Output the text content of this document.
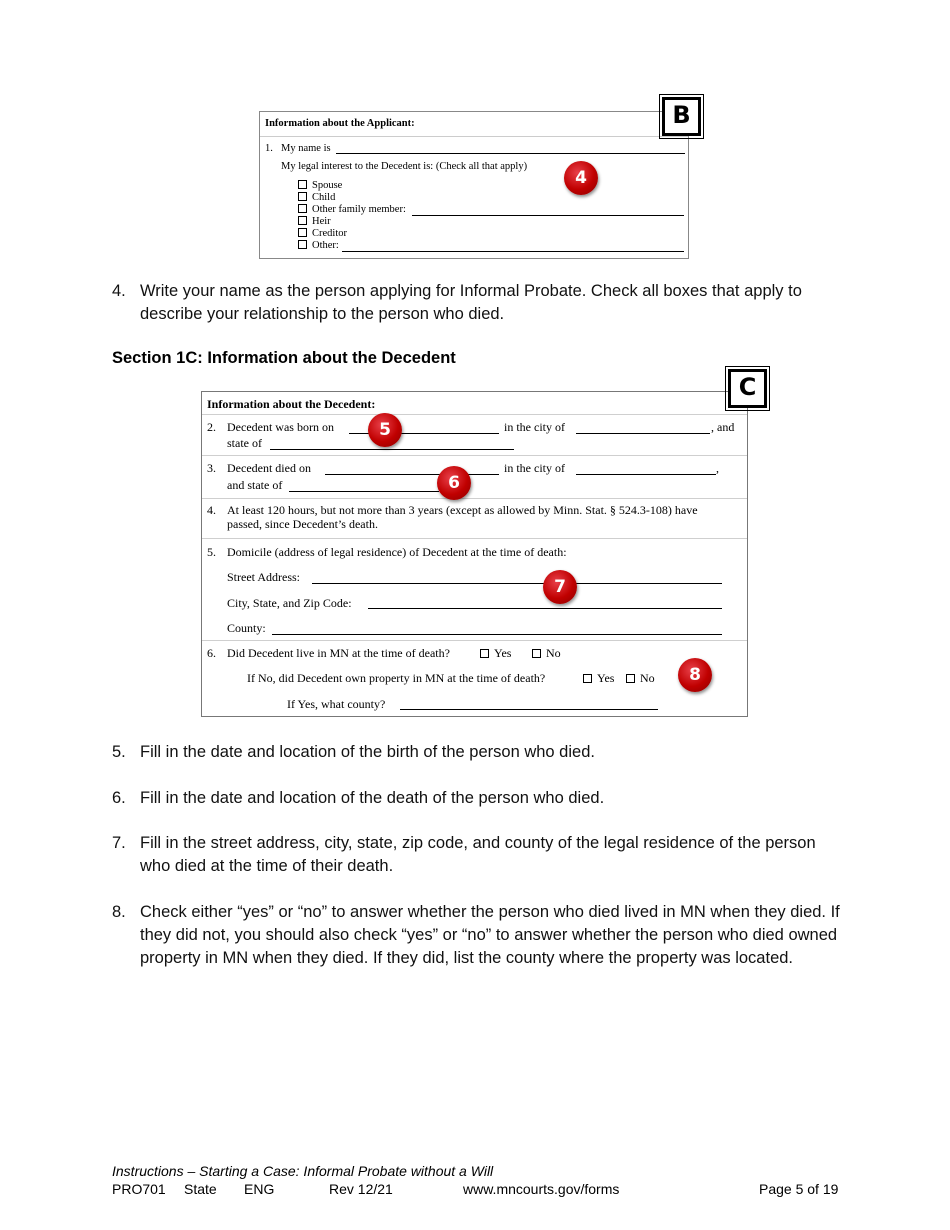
Information about the Applicant:
1. My name is
My legal interest to the Decedent is: (Check all that apply)
Spouse
Child
Other family member:
Heir
Creditor
Other:
B
4
4. Write your name as the person applying for Informal Probate. Check all boxes that apply to describe your relationship to the person who died.
Section 1C: Information about the Decedent
Information about the Decedent:
2. Decedent was born on	in the city of	, and
state of
3. Decedent died on	in the city of	,
and state of
4. At least 120 hours, but not more than 3 years (except as allowed by Minn. Stat. § 524.3-108) have passed, since Decedent’s death.
5. Domicile (address of legal residence) of Decedent at the time of death:
Street Address:
City, State, and Zip Code:
County:
6. Did Decedent live in MN at the time of death?	Yes	No
If No, did Decedent own property in MN at the time of death?	Yes	No
If Yes, what county?
C
5
6
7
8
5. Fill in the date and location of the birth of the person who died.
6. Fill in the date and location of the death of the person who died.
7. Fill in the street address, city, state, zip code, and county of the legal residence of the person who died at the time of their death.
8. Check either “yes” or “no” to answer whether the person who died lived in MN when they died. If they did not, you should also check “yes” or “no” to answer whether the person who died owned property in MN when they died. If they did, list the county where the property was located.
Instructions – Starting a Case: Informal Probate without a Will
PRO701 State ENG	Rev 12/21	www.mncourts.gov/forms	Page 5 of 19
